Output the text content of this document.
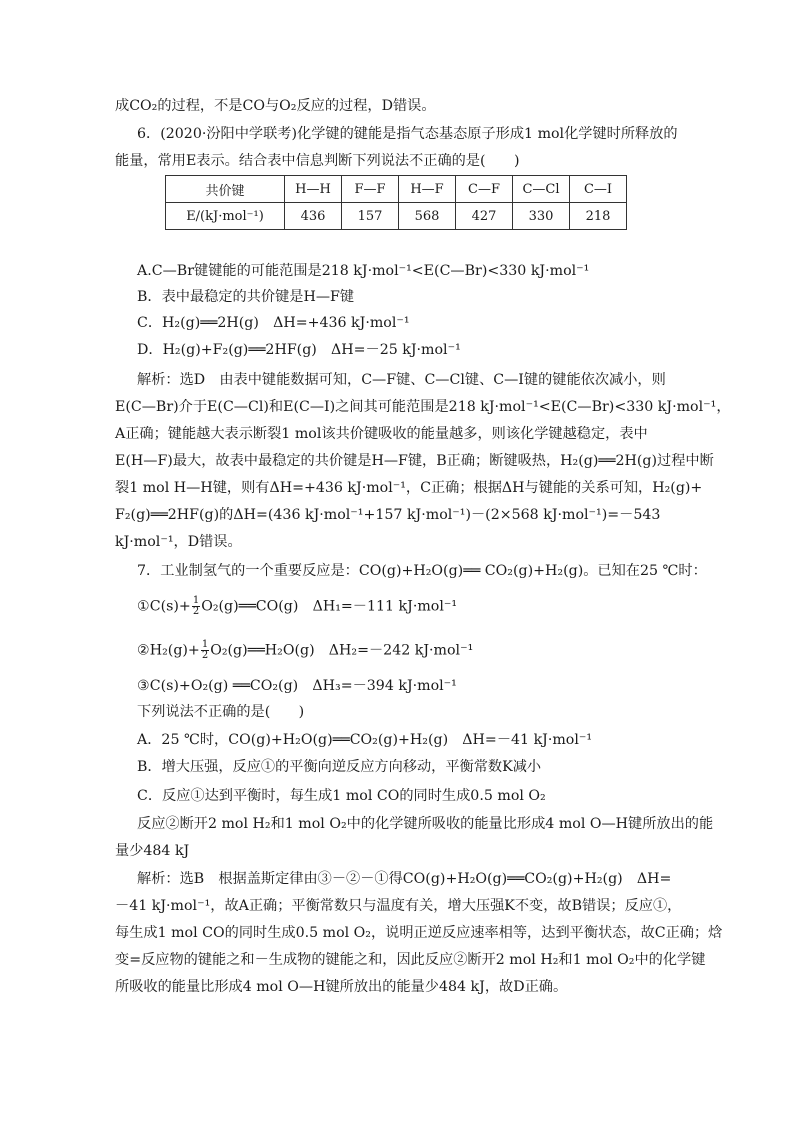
成CO₂的过程，不是CO与O₂反应的过程，D错误。
6．(2020·汾阳中学联考)化学键的键能是指气态基态原子形成1 mol化学键时所释放的
能量，常用E表示。结合表中信息判断下列说法不正确的是(　　)
共价键	H—H	F—F	H—F	C—F	C—Cl	C—I
E/(kJ·mol⁻¹)	436	157	568	427	330	218
A.C—Br键键能的可能范围是218 kJ·mol⁻¹<E(C—Br)<330 kJ·mol⁻¹
B．表中最稳定的共价键是H—F键
C．H₂(g)══2H(g)　ΔH=+436 kJ·mol⁻¹
D．H₂(g)+F₂(g)══2HF(g)　ΔH=－25 kJ·mol⁻¹
解析：选D　由表中键能数据可知，C—F键、C—Cl键、C—I键的键能依次减小，则
E(C—Br)介于E(C—Cl)和E(C—I)之间其可能范围是218 kJ·mol⁻¹<E(C—Br)<330 kJ·mol⁻¹，
A正确；键能越大表示断裂1 mol该共价键吸收的能量越多，则该化学键越稳定，表中
E(H—F)最大，故表中最稳定的共价键是H—F键，B正确；断键吸热，H₂(g)══2H(g)过程中断
裂1 mol H—H键，则有ΔH=+436 kJ·mol⁻¹，C正确；根据ΔH与键能的关系可知，H₂(g)+
F₂(g)══2HF(g)的ΔH=(436 kJ·mol⁻¹+157 kJ·mol⁻¹)－(2×568 kJ·mol⁻¹)=－543
kJ·mol⁻¹，D错误。
7．工业制氢气的一个重要反应是：CO(g)+H₂O(g)══ CO₂(g)+H₂(g)。已知在25 ℃时：
①C(s)+ $\frac{1}{2}$ O₂(g)══CO(g)　ΔH₁=－111 kJ·mol⁻¹
②H₂(g)+ $\frac{1}{2}$ O₂(g)══H₂O(g)　ΔH₂=－242 kJ·mol⁻¹
③C(s)+O₂(g) ══CO₂(g)　ΔH₃=－394 kJ·mol⁻¹
下列说法不正确的是(　　)
A．25 ℃时，CO(g)+H₂O(g)══CO₂(g)+H₂(g)　ΔH=－41 kJ·mol⁻¹
B．增大压强，反应①的平衡向逆反应方向移动，平衡常数K减小
C．反应①达到平衡时，每生成1 mol CO的同时生成0.5 mol O₂
反应②断开2 mol H₂和1 mol O₂中的化学键所吸收的能量比形成4 mol O—H键所放出的能
量少484 kJ
解析：选B　根据盖斯定律由③－②－①得CO(g)+H₂O(g)══CO₂(g)+H₂(g)　ΔH=
－41 kJ·mol⁻¹，故A正确；平衡常数只与温度有关，增大压强K不变，故B错误；反应①，
每生成1 mol CO的同时生成0.5 mol O₂，说明正逆反应速率相等，达到平衡状态，故C正确；焓
变=反应物的键能之和－生成物的键能之和，因此反应②断开2 mol H₂和1 mol O₂中的化学键
所吸收的能量比形成4 mol O—H键所放出的能量少484 kJ，故D正确。
